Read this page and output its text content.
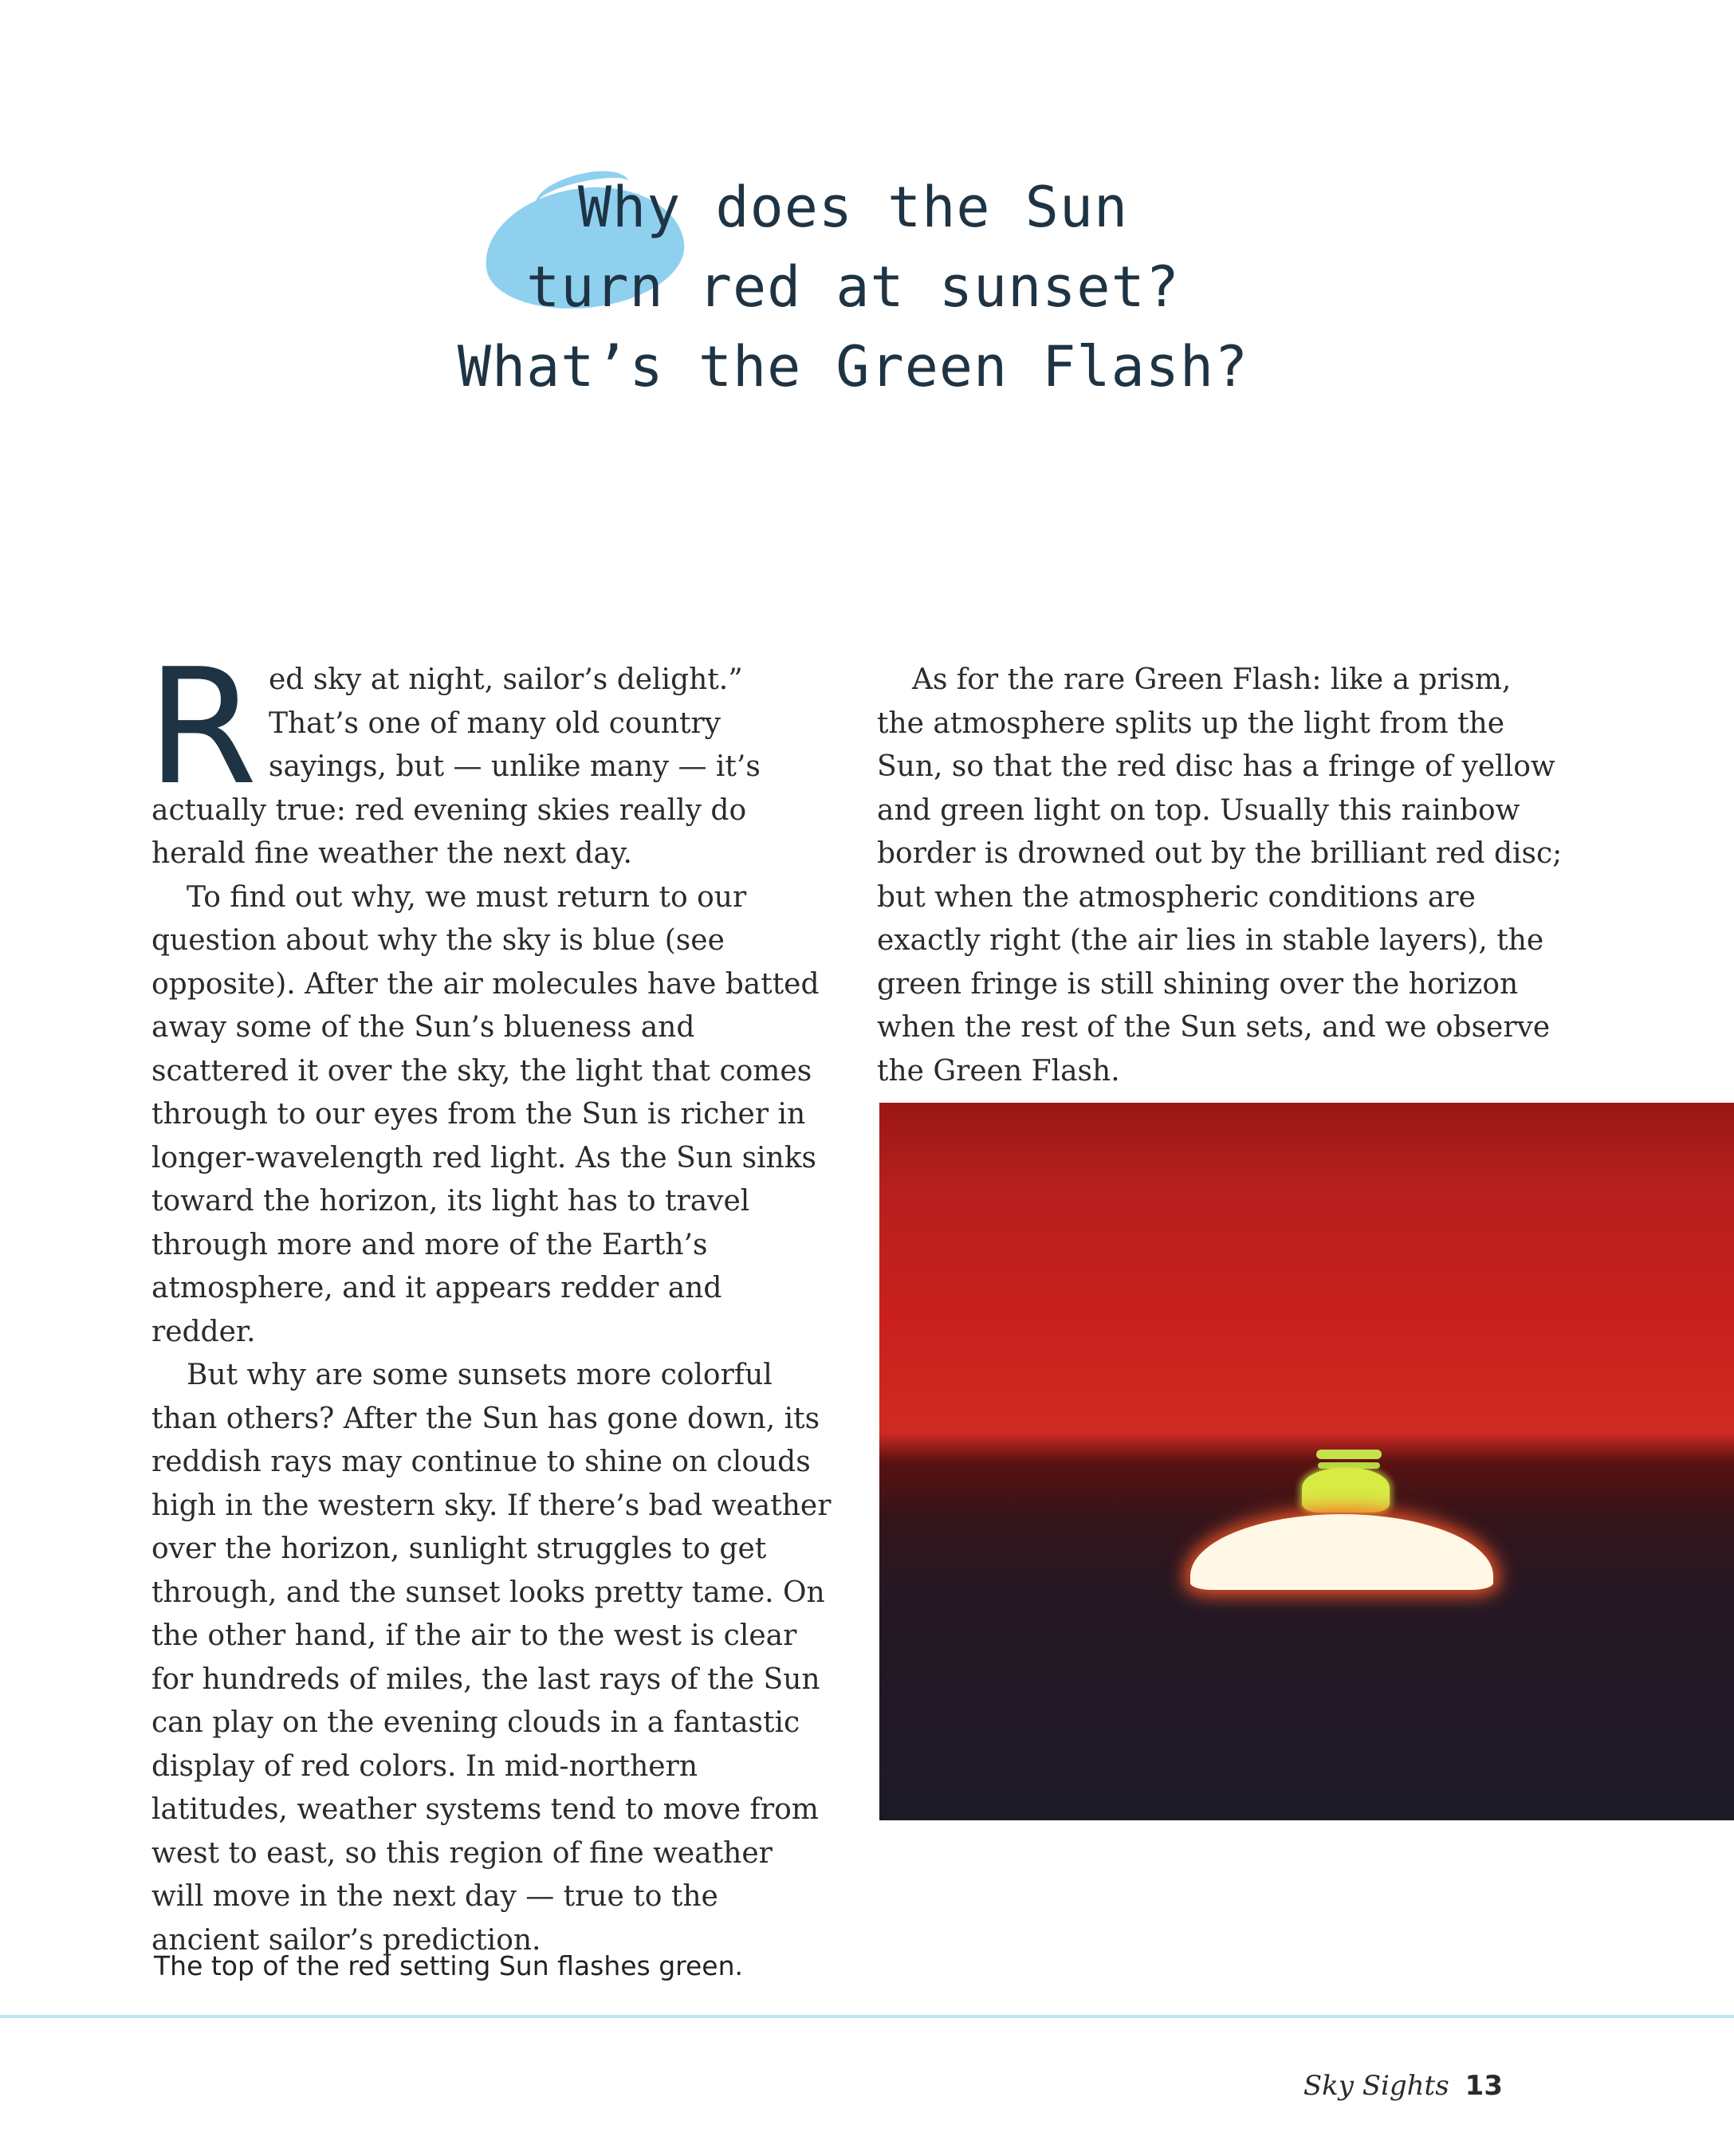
Why does the Sun
turn red at sunset?
What’s the Green Flash?

Red sky at night, sailor’s delight.” That’s one of many old country sayings, but — unlike many — it’s actually true: red evening skies really do herald fine weather the next day.

To find out why, we must return to our question about why the sky is blue (see opposite). After the air molecules have batted away some of the Sun’s blueness and scattered it over the sky, the light that comes through to our eyes from the Sun is richer in longer-wavelength red light. As the Sun sinks toward the horizon, its light has to travel through more and more of the Earth’s atmosphere, and it appears redder and redder.

But why are some sunsets more colorful than others? After the Sun has gone down, its reddish rays may continue to shine on clouds high in the western sky. If there’s bad weather over the horizon, sunlight struggles to get through, and the sunset looks pretty tame. On the other hand, if the air to the west is clear for hundreds of miles, the last rays of the Sun can play on the evening clouds in a fantastic display of red colors. In mid-northern latitudes, weather systems tend to move from west to east, so this region of fine weather will move in the next day — true to the ancient sailor’s prediction.

As for the rare Green Flash: like a prism, the atmosphere splits up the light from the Sun, so that the red disc has a fringe of yellow and green light on top. Usually this rainbow border is drowned out by the brilliant red disc; but when the atmospheric conditions are exactly right (the air lies in stable layers), the green fringe is still shining over the horizon when the rest of the Sun sets, and we observe the Green Flash.

The top of the red setting Sun flashes green.
Sky Sights 13
